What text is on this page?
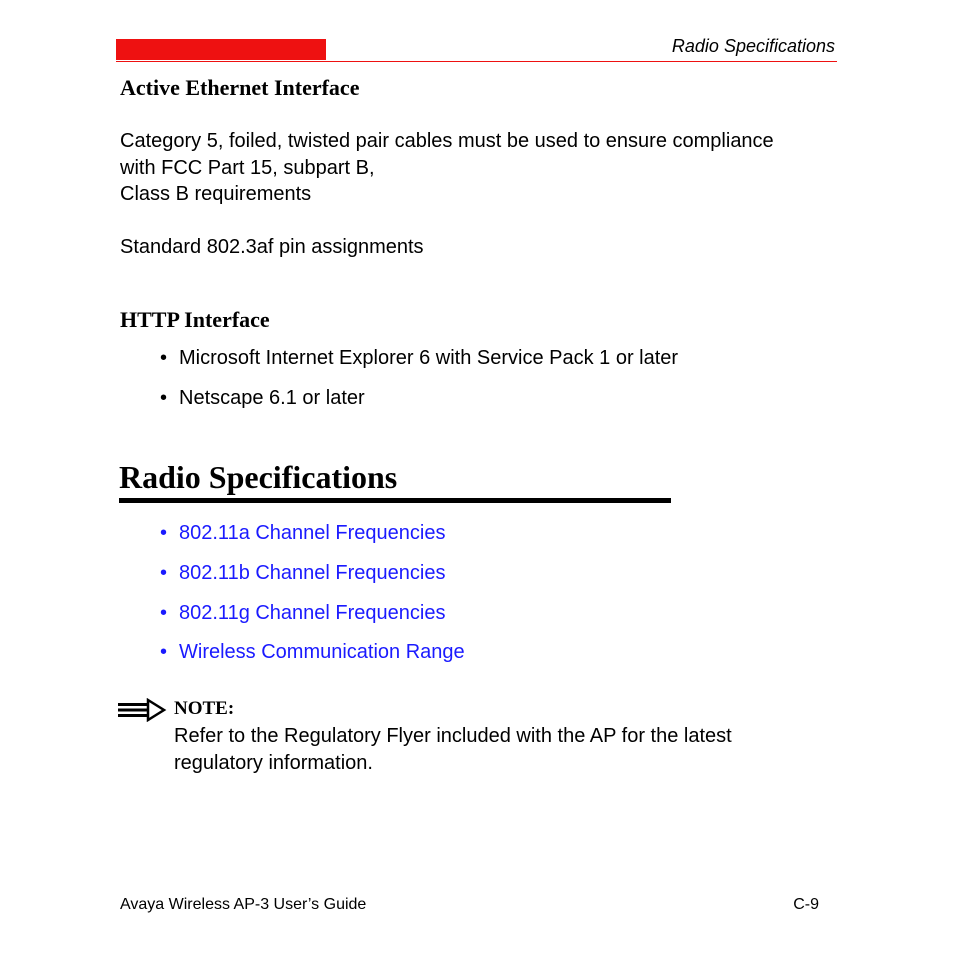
Radio Specifications
Active Ethernet Interface
Category 5, foiled, twisted pair cables must be used to ensure compliance
with FCC Part 15, subpart B,
Class B requirements
Standard 802.3af pin assignments
HTTP Interface
• Microsoft Internet Explorer 6 with Service Pack 1 or later
• Netscape 6.1 or later
Radio Specifications
• 802.11a Channel Frequencies
• 802.11b Channel Frequencies
• 802.11g Channel Frequencies
• Wireless Communication Range
NOTE:
Refer to the Regulatory Flyer included with the AP for the latest
regulatory information.
Avaya Wireless AP-3 User’s Guide	C-9
